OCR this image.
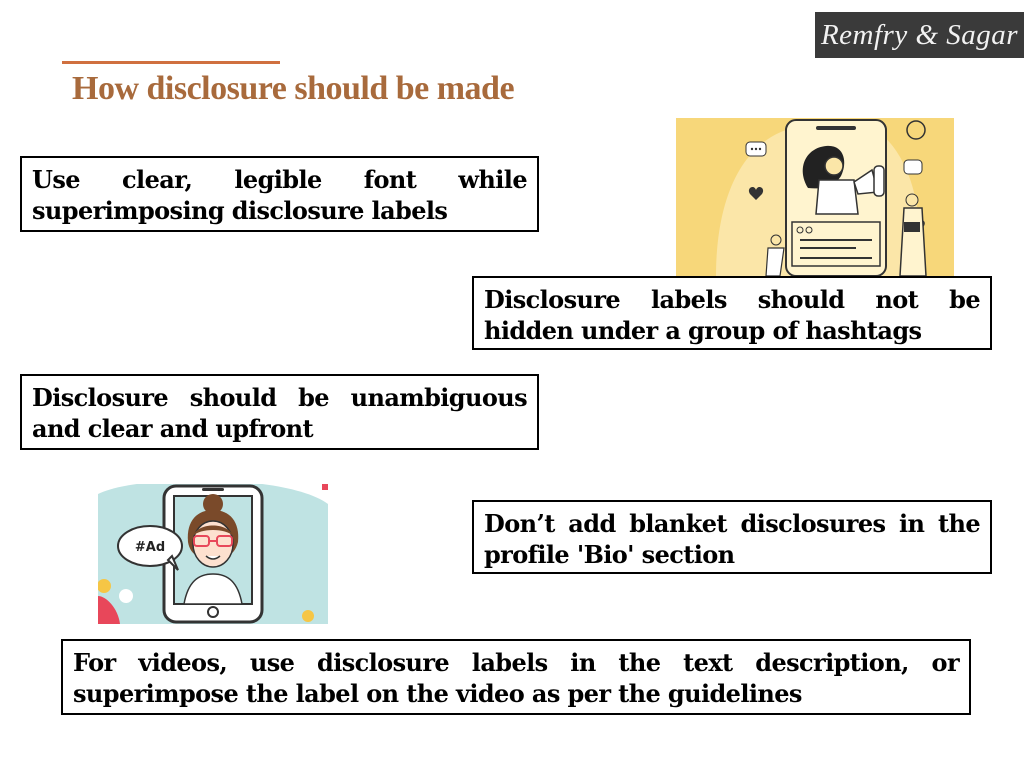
Remfry & Sagar
How disclosure should be made
Use clear, legible font while superimposing disclosure labels
Disclosure labels should not be hidden under a group of hashtags
Disclosure should be unambiguous and clear and upfront
Don’t add blanket disclosures in the profile 'Bio' section
For videos, use disclosure labels in the text description, or superimpose the label on the video as per the guidelines
#Ad
